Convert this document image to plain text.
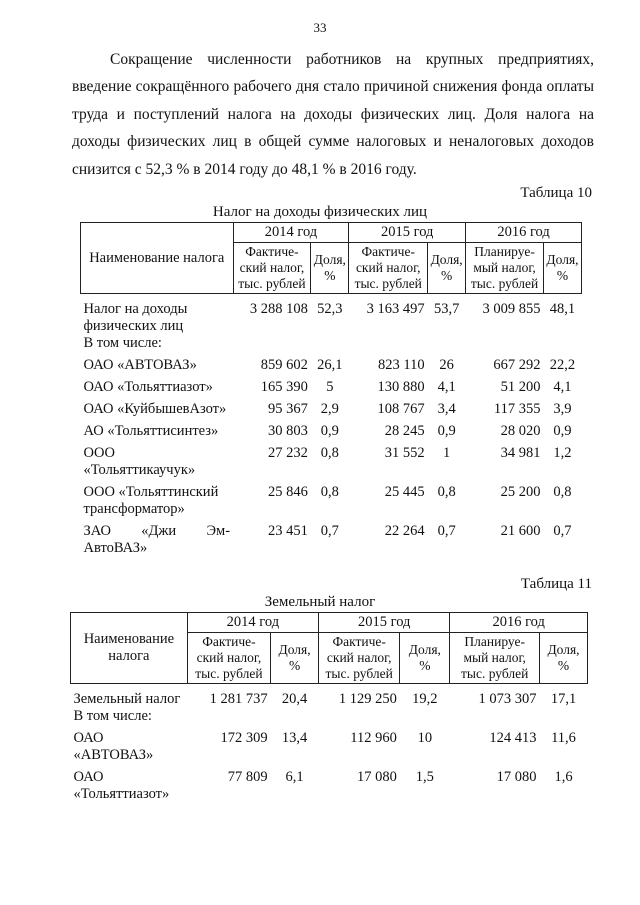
33

Сокращение численности работников на крупных предприятиях, введение сокращённого рабочего дня стало причиной снижения фонда оплаты труда и поступлений налога на доходы физических лиц. Доля налога на доходы физических лиц в общей сумме налоговых и неналоговых доходов снизится с 52,3 % в 2014 году до 48,1 % в 2016 году.

Таблица 10
Налог на доходы физических лиц
Наименование налога	2014 год		2015 год		2016 год	
	Фактиче-ский налог, тыс. рублей	Доля, %	Фактиче-ский налог, тыс. рублей	Доля, %	Планируе-мый налог, тыс. рублей	Доля, %
Налог на доходы физических лиц	3 288 108	52,3	3 163 497	53,7	3 009 855	48,1
В том числе:						
ОАО «АВТОВАЗ»	859 602	26,1	823 110	26	667 292	22,2
ОАО «Тольяттиазот»	165 390	5	130 880	4,1	51 200	4,1
ОАО «КуйбышевАзот»	95 367	2,9	108 767	3,4	117 355	3,9
АО «Тольяттисинтез»	30 803	0,9	28 245	0,9	28 020	0,9
ООО «Тольяттикаучук»	27 232	0,8	31 552	1	34 981	1,2
ООО «Тольяттинский трансформатор»	25 846	0,8	25 445	0,8	25 200	0,8
ЗАО «Джи Эм-АвтоВАЗ»	23 451	0,7	22 264	0,7	21 600	0,7
Таблица 11
Земельный налог
Наименование налога	2014 год		2015 год		2016 год	
	Фактиче-ский налог, тыс. рублей	Доля, %	Фактиче-ский налог, тыс. рублей	Доля, %	Планируе-мый налог, тыс. рублей	Доля, %
Земельный налог	1 281 737	20,4	1 129 250	19,2	1 073 307	17,1
В том числе:						
ОАО «АВТОВАЗ»	172 309	13,4	112 960	10	124 413	11,6
ОАО «Тольяттиазот»	77 809	6,1	17 080	1,5	17 080	1,6
